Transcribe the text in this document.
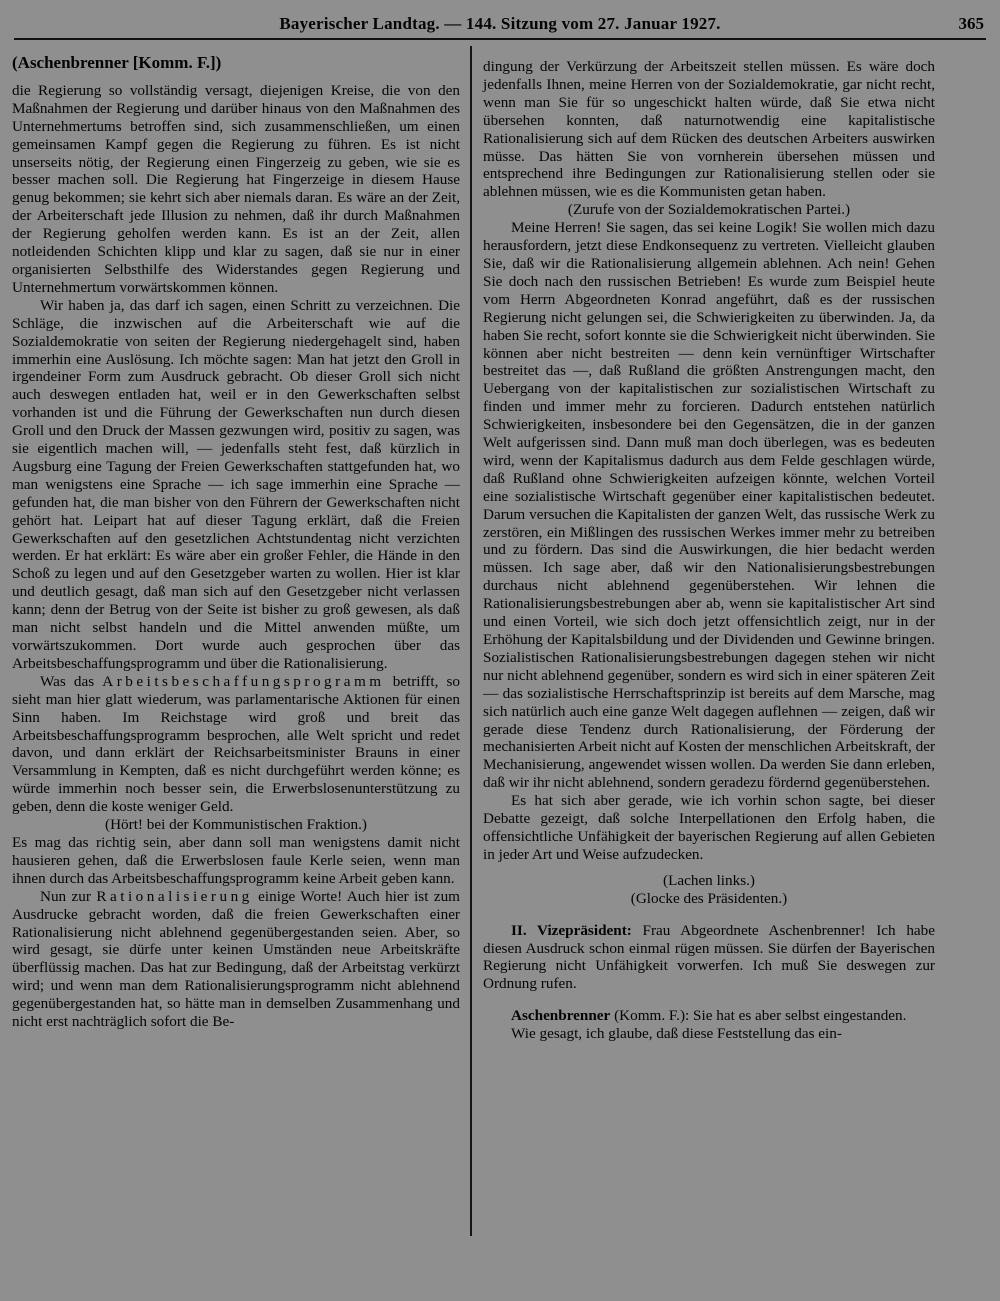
Bayerischer Landtag. — 144. Sitzung vom 27. Januar 1927.	365

(Aschenbrenner [Komm. F.])

die Regierung so vollständig versagt, diejenigen Kreise, die von den Maßnahmen der Regierung und darüber hinaus von den Maßnahmen des Unternehmertums betroffen sind, sich zusammenschließen, um einen gemeinsamen Kampf gegen die Regierung zu führen. Es ist nicht unserseits nötig, der Regierung einen Fingerzeig zu geben, wie sie es besser machen soll. Die Regierung hat Fingerzeige in diesem Hause genug bekommen; sie kehrt sich aber niemals daran. Es wäre an der Zeit, der Arbeiterschaft jede Illusion zu nehmen, daß ihr durch Maßnahmen der Regierung geholfen werden kann. Es ist an der Zeit, allen notleidenden Schichten klipp und klar zu sagen, daß sie nur in einer organisierten Selbsthilfe des Widerstandes gegen Regierung und Unternehmertum vorwärtskommen können.

Wir haben ja, das darf ich sagen, einen Schritt zu verzeichnen. Die Schläge, die inzwischen auf die Arbeiterschaft wie auf die Sozialdemokratie von seiten der Regierung niedergehagelt sind, haben immerhin eine Auslösung. Ich möchte sagen: Man hat jetzt den Groll in irgendeiner Form zum Ausdruck gebracht. Ob dieser Groll sich nicht auch deswegen entladen hat, weil er in den Gewerkschaften selbst vorhanden ist und die Führung der Gewerkschaften nun durch diesen Groll und den Druck der Massen gezwungen wird, positiv zu sagen, was sie eigentlich machen will, — jedenfalls steht fest, daß kürzlich in Augsburg eine Tagung der Freien Gewerkschaften stattgefunden hat, wo man wenigstens eine Sprache — ich sage immerhin eine Sprache — gefunden hat, die man bisher von den Führern der Gewerkschaften nicht gehört hat. Leipart hat auf dieser Tagung erklärt, daß die Freien Gewerkschaften auf den gesetzlichen Achtstundentag nicht verzichten werden. Er hat erklärt: Es wäre aber ein großer Fehler, die Hände in den Schoß zu legen und auf den Gesetzgeber warten zu wollen. Hier ist klar und deutlich gesagt, daß man sich auf den Gesetzgeber nicht verlassen kann; denn der Betrug von der Seite ist bisher zu groß gewesen, als daß man nicht selbst handeln und die Mittel anwenden müßte, um vorwärtszukommen. Dort wurde auch gesprochen über das Arbeitsbeschaffungsprogramm und über die Rationalisierung.

Was das Arbeitsbeschaffungsprogramm betrifft, so sieht man hier glatt wiederum, was parlamentarische Aktionen für einen Sinn haben. Im Reichstage wird groß und breit das Arbeitsbeschaffungsprogramm besprochen, alle Welt spricht und redet davon, und dann erklärt der Reichsarbeitsminister Brauns in einer Versammlung in Kempten, daß es nicht durchgeführt werden könne; es würde immerhin noch besser sein, die Erwerbslosenunterstützung zu geben, denn die koste weniger Geld.

(Hört! bei der Kommunistischen Fraktion.)

Es mag das richtig sein, aber dann soll man wenigstens damit nicht hausieren gehen, daß die Erwerbslosen faule Kerle seien, wenn man ihnen durch das Arbeitsbeschaffungsprogramm keine Arbeit geben kann.

Nun zur Rationalisierung einige Worte! Auch hier ist zum Ausdrucke gebracht worden, daß die freien Gewerkschaften einer Rationalisierung nicht ablehnend gegenübergestanden seien. Aber, so wird gesagt, sie dürfe unter keinen Umständen neue Arbeitskräfte überflüssig machen. Das hat zur Bedingung, daß der Arbeitstag verkürzt wird; und wenn man dem Rationalisierungsprogramm nicht ablehnend gegenübergestanden hat, so hätte man in demselben Zusammenhang und nicht erst nachträglich sofort die Be-

dingung der Verkürzung der Arbeitszeit stellen müssen. Es wäre doch jedenfalls Ihnen, meine Herren von der Sozialdemokratie, gar nicht recht, wenn man Sie für so ungeschickt halten würde, daß Sie etwa nicht übersehen konnten, daß naturnotwendig eine kapitalistische Rationalisierung sich auf dem Rücken des deutschen Arbeiters auswirken müsse. Das hätten Sie von vornherein übersehen müssen und entsprechend ihre Bedingungen zur Rationalisierung stellen oder sie ablehnen müssen, wie es die Kommunisten getan haben.

(Zurufe von der Sozialdemokratischen Partei.)

Meine Herren! Sie sagen, das sei keine Logik! Sie wollen mich dazu herausfordern, jetzt diese Endkonsequenz zu vertreten. Vielleicht glauben Sie, daß wir die Rationalisierung allgemein ablehnen. Ach nein! Gehen Sie doch nach den russischen Betrieben! Es wurde zum Beispiel heute vom Herrn Abgeordneten Konrad angeführt, daß es der russischen Regierung nicht gelungen sei, die Schwierigkeiten zu überwinden. Ja, da haben Sie recht, sofort konnte sie die Schwierigkeit nicht überwinden. Sie können aber nicht bestreiten — denn kein vernünftiger Wirtschafter bestreitet das —, daß Rußland die größten Anstrengungen macht, den Uebergang von der kapitalistischen zur sozialistischen Wirtschaft zu finden und immer mehr zu forcieren. Dadurch entstehen natürlich Schwierigkeiten, insbesondere bei den Gegensätzen, die in der ganzen Welt aufgerissen sind. Dann muß man doch überlegen, was es bedeuten wird, wenn der Kapitalismus dadurch aus dem Felde geschlagen würde, daß Rußland ohne Schwierigkeiten aufzeigen könnte, welchen Vorteil eine sozialistische Wirtschaft gegenüber einer kapitalistischen bedeutet. Darum versuchen die Kapitalisten der ganzen Welt, das russische Werk zu zerstören, ein Mißlingen des russischen Werkes immer mehr zu betreiben und zu fördern. Das sind die Auswirkungen, die hier bedacht werden müssen. Ich sage aber, daß wir den Nationalisierungsbestrebungen durchaus nicht ablehnend gegenüberstehen. Wir lehnen die Rationalisierungsbestrebungen aber ab, wenn sie kapitalistischer Art sind und einen Vorteil, wie sich doch jetzt offensichtlich zeigt, nur in der Erhöhung der Kapitalsbildung und der Dividenden und Gewinne bringen. Sozialistischen Rationalisierungsbestrebungen dagegen stehen wir nicht nur nicht ablehnend gegenüber, sondern es wird sich in einer späteren Zeit — das sozialistische Herrschaftsprinzip ist bereits auf dem Marsche, mag sich natürlich auch eine ganze Welt dagegen auflehnen — zeigen, daß wir gerade diese Tendenz durch Rationalisierung, der Förderung der mechanisierten Arbeit nicht auf Kosten der menschlichen Arbeitskraft, der Mechanisierung, angewendet wissen wollen. Da werden Sie dann erleben, daß wir ihr nicht ablehnend, sondern geradezu fördernd gegenüberstehen.

Es hat sich aber gerade, wie ich vorhin schon sagte, bei dieser Debatte gezeigt, daß solche Interpellationen den Erfolg haben, die offensichtliche Unfähigkeit der bayerischen Regierung auf allen Gebieten in jeder Art und Weise aufzudecken.

(Lachen links.)

(Glocke des Präsidenten.)

II. Vizepräsident: Frau Abgeordnete Aschenbrenner! Ich habe diesen Ausdruck schon einmal rügen müssen. Sie dürfen der Bayerischen Regierung nicht Unfähigkeit vorwerfen. Ich muß Sie deswegen zur Ordnung rufen.

Aschenbrenner (Komm. F.): Sie hat es aber selbst eingestanden.

Wie gesagt, ich glaube, daß diese Feststellung das ein-
